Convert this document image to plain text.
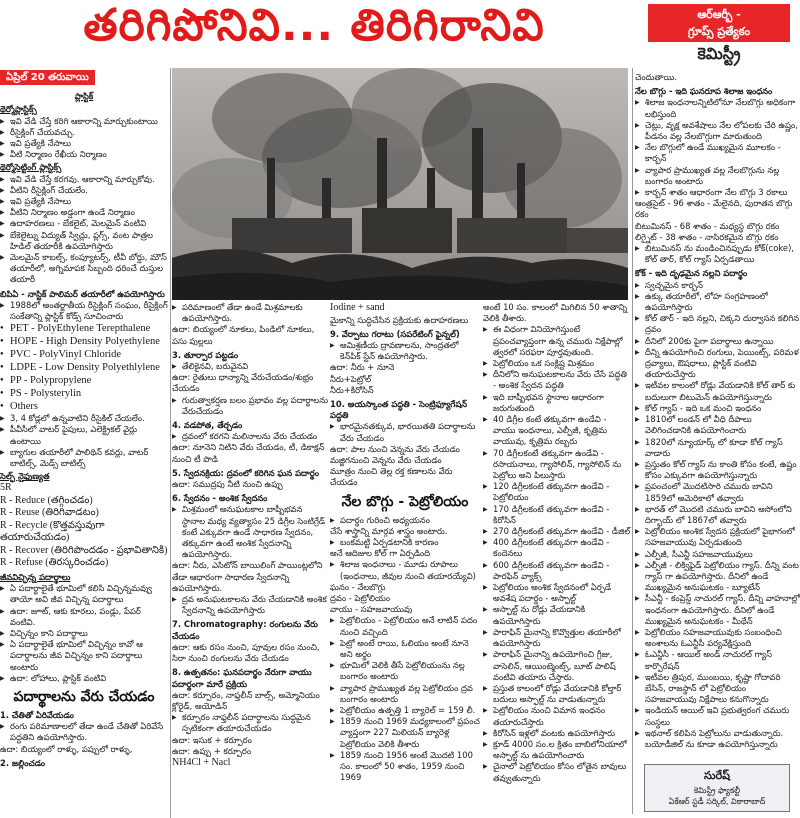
తరిగిపోనివి... తిరిగిరానివి	ఆర్ఆర్బీ -
గ్రూప్స్ ప్రత్యేకం
కెమిస్ట్రీ
ఏప్రిల్ 20 తరువాయి
ప్లాస్టిక్
థెర్మోప్లాస్టిక్స్
▶ ఇవి వేడి చేస్తే కరిగి ఆకారాన్ని మార్చుకుంటాయి
▶ రీసైక్లింగ్ చేయవచ్చు.
▶ ఇవి ప్రత్యేకి నేసాలు
▶ వీటి నిర్మాణం రేఖీయ నిర్మాణం
థెర్మోసెట్టింగ్ ప్లాస్టిక్స్
▶ ఇవి వేడి చేస్తే కరగవు. ఆకారాన్ని మార్చుకోవు.
▶ వీటిని రీసైక్లింగ్ చేయలేం.
▶ ఇవి ప్రత్యేకి నేసాలు
▶ వీటిని నిర్మాణం అడ్డంగా ఉండే నిర్మాణం
▶ ఉదాహరణలు - బేకలైట్, మెలమైన్ వంటివి
▶ బేకెలైట్ను విద్యుత్ స్విచ్లు, ప్లగ్స్, వంట పాత్రల హిడిల్ తయారీకి ఉపయోగిస్తారు
▶ మెలమైన్ కాబల్స్, కంప్యూటర్స్, టీవీ బోర్డు, మౌస్ తయారీలో, అగ్నిమాపక సిబ్బంది ధరించే దుస్తుల తయారీ
బిపిఏ - నాస్టిక్ పాలిమర్ తయారీలో ఉపయోగిస్తారు
▶ 1988లో అంతర్జాతీయ రీసైక్లింగ్ సంఘం, రీసైక్లింగ్ సంకేతాన్ని ప్లాస్టిక్ కోడ్స్ సూచించారు
● PET - PolyEthylene Terepthalene
● HOPE - High Density Polyethylene
● PVC - PolyVinyl Chloride
● LDPE - Low Density Polyethlylene
● PP - Polypropylene
● PS - Polysterylin
● Others
▶ 3, 4 కోడ్లలో ఉన్నవాటిని రీసైకిల్ చేయలేం.
▶ పీవీసీలో వాటర్ పైపులు, ఎలెక్ట్రికల్ వైర్లు ఉంటాయి
▶ బ్యాగుల తయారీలో పాలిథిన్ కవర్లు, వాటర్ బాటిల్స్, మెడ్స్ బాటిల్స్
సెల్ఫ్ నైఫుణ్యత
5R
R - Reduce (తగ్గించడం)
R - Reuse (తిరిగివాడటం)
R - Recycle (కొత్తవస్తువుగా తయారుచేయడం)
R - Recover (తిరిగిపొందడం - ప్రభావితానికి)
R - Refuse (తిరస్కరించడం)
జీవవిచ్ఛిన్న పదార్థాలు
▶ ఏ పదార్థాలైతే భూమిలో కలిసి విచ్ఛిన్నమవ్వు తాయో అవి జీవ విచ్ఛిన్న పదార్థాలు
▶ ఉదా: జూట్, ఆకు కూరలు, పండ్లు, పేపర్ వంటివి.
▶ విచ్ఛిన్నం కాని పదార్థాలు
▶ ఏ పదార్థాలైతే భూమిలో విచ్ఛిన్నం కావో ఆ పదార్థాలను జీవ విచ్ఛిన్నం కాని పదార్థాలు అంటారు
▶ ఉదా: లోహాలు, ప్లాస్టిక్ వంటివి
పదార్థాలను వేరు చేయడం
1. చేతితో ఏరివేయడం
▶ రంగు పరిమాణాలలో తేడా ఉండే చేతితో ఏరివేసే పద్ధతిని ఉపయోగిస్తారు.
ఉదా: బియ్యంలో రాళ్ళు, పప్పులో రాళ్ళు,
2. జల్లించడం
▶ పరిమాణంలో తేడా ఉండే మిశ్రమాలకు ఉపయోగిస్తారు.
ఉదా: బియ్యంలో నూకలు, పిండిలో నూకలు, పసు పుల్లలు
3. తూర్పార పట్టడం
▶ తేలికైనవి, బరువైనవి
ఉదా: రైతులు ధాన్యాన్ని వేరుచేయడం/శుభ్రం చేయడం
▶ గురుత్వాకర్షణ బలం ప్రభావం వల్ల పదార్థాలను వేరుచేయడం
4. వడపోత, తేర్చడం
▶ ద్రవంలో కరగని మలినాలను వేరు చేయడం
ఉదా: నూనెని నిటిని వేరు చేయడం, టీ, డికాక్షన్ నుంచి టీ పొడి
5. స్వేదనక్రియ: ద్రవంలో కరిగిన ఘన పదార్థం
ఉదా: సముద్రపు నీటి నుంచి ఉప్పు
6. స్వేదనం - అంశిక స్వేదనం
▶ మిశ్రమంలో అనుఘటకాల బాష్పీభవన స్థానాల మధ్య వ్యత్యాసం 25 డిగ్రీల సెంటిగ్రేడ్ కంటే ఎక్కువగా ఉండే సాధారణ స్వేదనం, తక్కువగా ఉంటే అంశిక స్వేదనాన్ని ఉపయోగిస్తారు.
ఉదా: నీరు, ఎసిటోన్ బాయిలింగ్ పాయింట్లలోని తేడా ఆధారంగా సాధారణ స్వేదనాన్ని ఉపయోగిస్తారు.
▶ ద్రవ అనుఘటకాలను వేరు చేయడానికి అంశిక స్వేదనాన్ని ఉపయోగిస్తారు
7. Chromatography: రంగులను వేరు చేయడం
ఉదా: ఆకు రసం నుంచి, పూవుల రసం నుంచి, సిరా నుంచి రంగులను వేరు చేయడం
8. ఉత్పతనం: ఘనపదార్థం నేరుగా వాయు పదార్థంగా మారే ప్రక్రియ
ఉదా: కర్పూరం, నాఫ్తలీన్ బాల్స్, అమ్మోనియం క్లోరైడ్, అయోడిన్
▶ కర్పూరం నాఫ్తలీన్ పదార్థాలను సుద్ధమైన స్ఫటికంగా తయారుచేయడం
ఉదా: ఇసుక + కర్పూరం
ఉదా: ఉప్పు + కర్పూరం
NH4Cl + Nacl
Iodine + sand
మైకాన్ని సుద్ధిచేసిన ప్రక్రియకు ఉదాహరణలు
9. వేర్పాటు గరాటు (సపరేటింగ్ ఫైన్నల్)
▶ అమిశ్రణీయ ద్రావణాలను, సాంద్రతలో కెన్‌పిక్ స్టేన్ ఉపయోగిస్తారు.
ఉదా: నీరు + నూనె
నీరు+పెట్రోల్
నీరు+కిరోసిన్
10. అయస్కాంత పద్ధతి - సెంట్రిఫ్యూగేషన్ పద్ధతి
▶ భారమైనతక్కువ, భారయితతి పదార్థాలను వేరు చేయడం
ఉదా: పాల నుంచి వెన్నను వేరు చేయడం
మజ్జిగనుంచి వెన్నను వేరు చేయడం
మూత్రం నుంచి తెల్ల రక్త కణాలను వేరు చేయడం
నేల బొగ్గు - పెట్రోలియం
▶ పదార్థం గురించి అధ్యయనం
చేసే శాస్త్రాన్ని మార్గవ శాస్త్రం అంటారు.
▶ బంకమట్టి ఏర్పడటానికి కారణం
అనే ఆదిజుల కోల్ గా ఏర్పడింది
▶ శిలాజ ఇంధనాలు - మూడు రూపాలు (ఇంధనాలు, జీవుల నుంచి తయారయ్యేవి)
ఘనం - నేలబొగ్గు
ద్రవం - పెట్రోలియం
వాయు - సహజవాయువు
▶ పెట్రోలియం - పెట్రోలియం అనే లాటిన్ పదం నుంచి వచ్చింది
▶ పెట్రో అంటే రాయి, ఓలియం అంటే నూనె అని అర్థం
▶ భూమిలో వెలికి తీసే పెట్రోలియంను నల్ల బంగారం అంటారు
▶ వ్యాపార ప్రాముఖ్యత వల్ల పెట్రోలియం ద్రవ బంగారం అంటారు
▶ పెట్రోలియం ఉత్పత్తి 1 బ్యారెల్ = 159 లీ.
▶ 1859 నుంచి 1969 మధ్యకాలంలో ప్రపంచ వ్యాప్తంగా 227 మిలియన్ బ్యారెళ్ల పెట్రోలియం వెలికి తీశారు
▶ 1859 నుంచి 1956 అంటే మొదటి 100 సం. కాలంలో 50 శాతం, 1959 నుంచి 1969
అంటే 10 సం. కాలంలో మిగిలిన 50 శాతాన్ని వెలికి తీశారు.
▶ ఈ విధంగా వినియోగిస్తుంటే ప్రపంచవ్యాప్తంగా ఉన్న చమురు నిక్షేపాల్లో త్వరలో సరఫరా పూర్తవుతుంది.
▶ పెట్రోలియం ఒక సంక్లిష్ట మిశ్రమం
▶ దీనిలోని అనుఘటకాలను వేరు చేసే పద్ధతి - అంశిక స్వేదన పద్ధతి
▶ ఇది బాష్పీభవన స్థానాల ఆధారంగా జరుగుతుంది
▶ 40 డిగ్రీల కంటే తక్కువగా ఉండేవి - వాయు ఇంధనాలు, ఎల్పీజీ, కృత్రిమ వాయువు, కృత్రిమ రబ్బరు
▶ 70 డిగ్రీలకంటే తక్కువగా ఉండేవి - రసాయనాలు, గ్యాసోలిన్, గ్యాసోలిన్ ను పెట్రోలు అని పిలుస్తారు
▶ 120 డిగ్రీలకంటే తక్కువగా ఉండేవి - పెట్రోలియం
▶ 170 డిగ్రీలకంటే తక్కువగా ఉండేవి - కిరోసిన్
▶ 270 డిగ్రీలకంటే తక్కువగా ఉండేవి - డీజిల్
▶ 400 డిగ్రీలకంటే తక్కువగా ఉండేవి - కందెనలు
▶ 600 డిగ్రీలకంటే తక్కువగా ఉండేవి - పారఫిన్ వ్యాక్స్
▶ పెట్రోలియం అంశిక స్వేదనంలో ఏర్పడే అవశేష పదార్థం - అస్ఫాల్ట్
▶ అస్ఫాల్ట్ ను రోడ్లు వేయడానికి ఉపయోగిస్తారు
▶ పారాఫిన్ మైనాన్ని కొవ్వొత్తుల తయారీలో ఉపయోగిస్తారు
▶ పారాఫిన్ మైనాన్ని ఉపయోగించి గ్రీజు, వాసెలిన్, ఆయింట్మెంట్స్, బూట్ పాలిష్ వంటివి తయారు చేస్తారు.
▶ ప్రస్తుత కాలంలో రోడ్లు వేయడానికి కోల్తార్ బదులు అస్ఫాల్ట్ ను వాడుతున్నారు
▶ పెట్రోలియం నుంచి విమాన ఇంధనం తయారుచేస్తారు
▶ కిరోసిన్ ఇళ్లలో వంటకు ఉపయోగిస్తారు
▶ క్రూడ్ 4000 సం.ల క్రితం బాబిలోనియాలో అస్ఫాల్ట్ ను ఉపయోగించారు
▶ చైనాలో పెట్రోలియం కోసం లోతైన బావులు తవ్వుతున్నారు
చెందుతాయి.
నేల బొగ్గు - ఇది ఘనరూప శిలాజ ఇంధనం
▶ శిలాజ ఇంధనాలన్నిటిలోనూ నేలబొగ్గు అధికంగా లభిస్తుంది
▶ చెట్లు, వృక్ష అవశేషాలు నేల లోపలకు చేరి ఉష్ణం, పీడనం వల్ల నేలబొగ్గుగా మారుతుంది
▶ నేల బొగ్గులో ఉండే ముఖ్యమైన మూలకం - కార్బన్
▶ వ్యాపార ప్రాముఖ్యత వల్ల నేలబొగ్గును నల్ల బంగారం అంటారు
▶ కార్బన్ శాతం ఆధారంగా నేల బొగ్గు 3 రకాలు
ఆంత్రసైట్ - 96 శాతం - మేలైనది, పురాతన బొగ్గు రకం
బిటుమినస్ - 68 శాతం - మధ్యస్థ బొగ్గు రకం
లిగ్నైట్ - 38 శాతం - నాసిరకమైన బొగ్గు రకం
▶ బిటుమినస్ ను మండించినప్పుడు కోక్(coke), కోల్ తార్, కోల్ గ్యాస్ ఏర్పడతాయి
కోక్ - ఇది దృఢమైన నల్లని పదార్థం
▶ స్వచ్ఛమైన కార్బన్
▶ ఉక్కు తయారీలో, లోహ సంగ్రహణంలో ఉపయోగిస్తారు
▶ కోల్ తార్ - ఇది నల్లని, చిక్కని దుర్వాసన కలిగిన ద్రవం
▶ దీనిలో 200కు పైగా పదార్థాలు ఉన్నాయి
▶ దీన్ని ఉపయోగించి రంగులు, పెయింట్స్, పరిమళ ద్రవ్యాలు, ఔషధాలు, ప్లాస్టిక్ వంటివి తయారుచేస్తారు
▶ ఇటీవల కాలంలో రోడ్లు వేయడానికి కోల్ తార్ కు బదులుగా బిటుమెన్ ఉపయోగిస్తున్నారు
▶ కోల్ గ్యాస్ - ఇది ఒక మంచి ఇంధనం
▶ 1810లో లండన్ లో వీధి దీపాలు వెలిగించడానికి ఉపయోగించారు
▶ 1820లో న్యూయార్క్ లో కూడా కోల్ గ్యాస్ వాడారు
▶ ప్రస్తుతం కోల్ గ్యాస్ ను కాంతి కోసం కంటే, ఉష్ణం కోసం ఎక్కువగా ఉపయోగిస్తున్నారు
▶ ప్రపంచంలో మొదటిసారి చమురు బావిని 1859లో అమెరికాలో తవ్వారు
▶ భారత్ లో మొదటి చమురు బావిని అసోంలోని దిగ్భాయ్ లో 1867లో తవ్వారు
▶ పెట్రోలియం అంశిక స్వేదన ప్రక్రియలో పైభాగంలో సహజవాయువు ఏర్పడుతుంది
▶ ఎల్పీజీ, సీఎన్జీ సహజవాయువులు
▶ ఎల్పీజీ - లిక్విఫైడ్ పెట్రోలియం గ్యాస్. దీన్ని వంట గ్యాస్ గా ఉపయోగిస్తారు. దీనిలో ఉండే ముఖ్యమైన అనుఘటకం - బ్యూటేన్
▶ సీఎన్జీ - కంప్రెస్డ్ నాచురల్ గ్యాస్. దీన్ని వాహనాల్లో ఇంధనంగా ఉపయోగిస్తారు. దీనిలో ఉండే ముఖ్యమైన అనుఘటకం - మీథేన్
▶ పెట్రోలియం సహజవాయువుకు సంబంధించి అంశాలను ఓఎన్జీసీ పర్యవేక్షిస్తుంది
▶ ఓఎన్జీసీ - ఆయిల్ అండ్ నాచురల్ గ్యాస్ కార్పొరేషన్
▶ ఇటీవల త్రిపుర, ముంబయి, కృష్ణా గోదావరి బేసిన్, రాజస్థాన్ లో పెట్రోలియం సహజవాయువు నిక్షేపాలు కనుగొన్నారు
▶ ఇండియన్ ఆయిల్ ఇవి ప్రభుత్వరంగ చమురు సంస్థలు
▶ ఇథనాల్ కలిపిన పెట్రోలును వాడుతున్నారు. బయోడీజిల్ ను కూడా ఉపయోగిస్తున్నారు
సురేష్
కెమిస్ట్రీ ఫ్యాకల్టీ
ఏకేఆర్ స్టడీ సర్కిల్, వికారాబాద్
